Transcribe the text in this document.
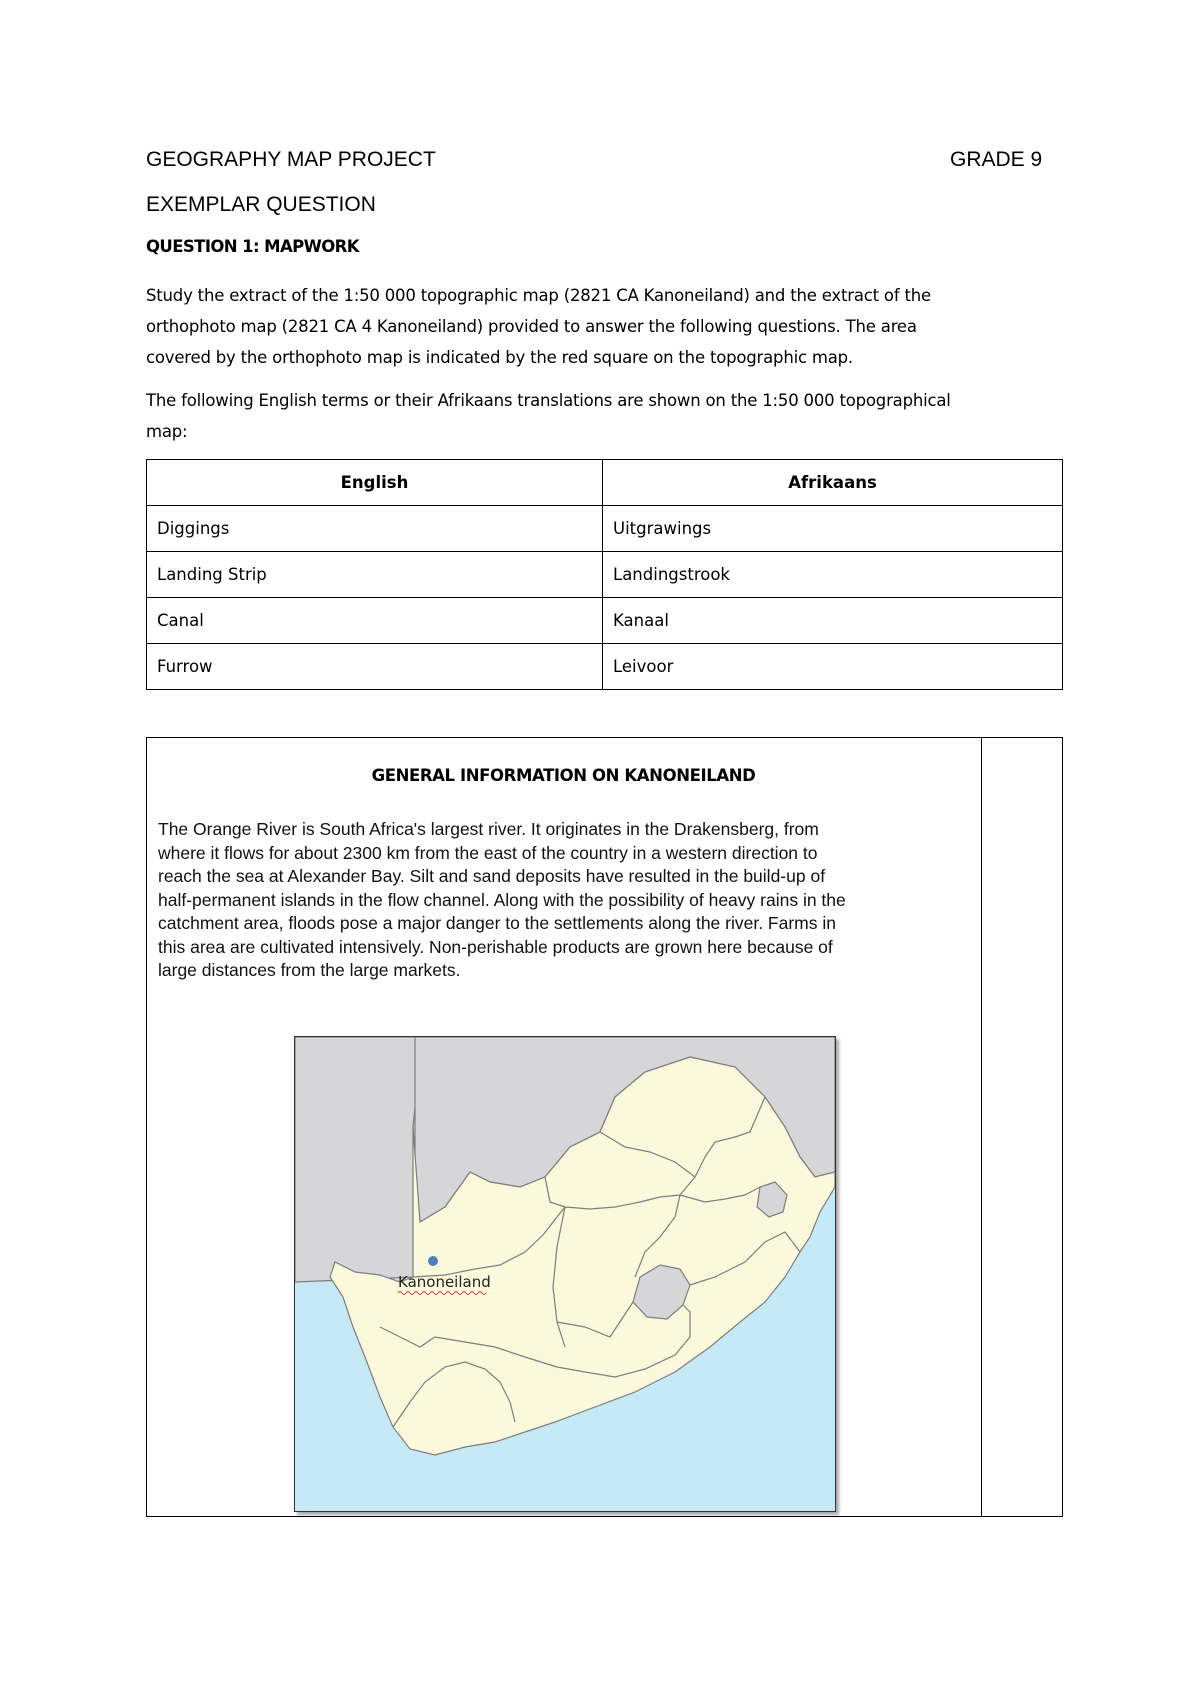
GEOGRAPHY MAP PROJECT	GRADE 9
EXEMPLAR QUESTION
QUESTION 1: MAPWORK
Study the extract of the 1:50 000 topographic map (2821 CA Kanoneiland) and the extract of the
orthophoto map (2821 CA 4 Kanoneiland) provided to answer the following questions. The area
covered by the orthophoto map is indicated by the red square on the topographic map.
The following English terms or their Afrikaans translations are shown on the 1:50 000 topographical
map:
English	Afrikaans
Diggings	Uitgrawings
Landing Strip	Landingstrook
Canal	Kanaal
Furrow	Leivoor
GENERAL INFORMATION ON KANONEILAND
The Orange River is South Africa's largest river. It originates in the Drakensberg, from
where it flows for about 2300 km from the east of the country in a western direction to
reach the sea at Alexander Bay. Silt and sand deposits have resulted in the build-up of
half-permanent islands in the flow channel. Along with the possibility of heavy rains in the
catchment area, floods pose a major danger to the settlements along the river. Farms in
this area are cultivated intensively. Non-perishable products are grown here because of
large distances from the large markets.
Kanoneiland
